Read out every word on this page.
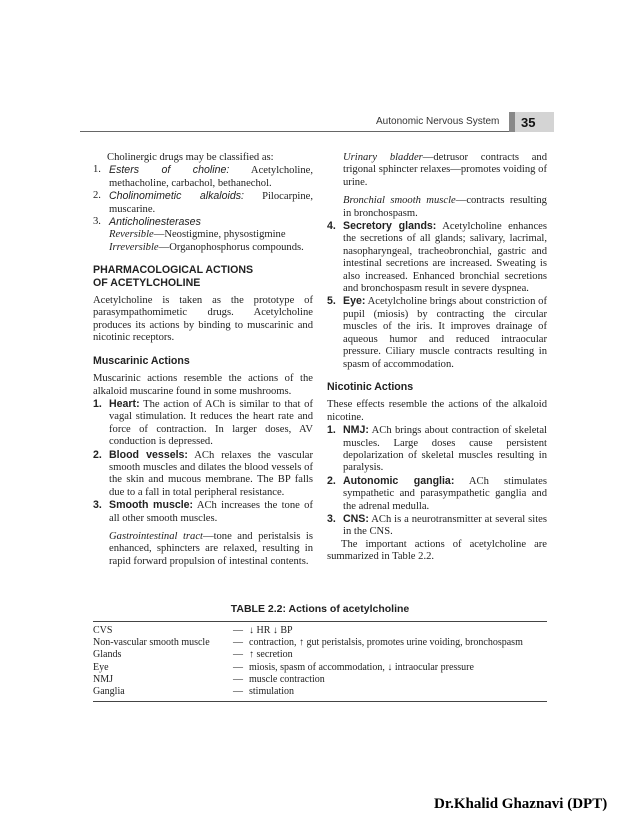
Autonomic Nervous System 35

Cholinergic drugs may be classified as:

1. Esters of choline: Acetylcholine, methacholine, carbachol, bethanechol.
2. Cholinomimetic alkaloids: Pilocarpine, muscarine.
3. Anticholinesterases

Reversible—Neostigmine, physostigmine

Irreversible—Organophosphorus compounds.

PHARMACOLOGICAL ACTIONS

OF ACETYLCHOLINE

Acetylcholine is taken as the prototype of parasympathomimetic drugs. Acetylcholine produces its actions by binding to muscarinic and nicotinic receptors.

Muscarinic Actions

Muscarinic actions resemble the actions of the alkaloid muscarine found in some mushrooms.

1. Heart: The action of ACh is similar to that of vagal stimulation. It reduces the heart rate and force of contraction. In larger doses, AV conduction is depressed.
2. Blood vessels: ACh relaxes the vascular smooth muscles and dilates the blood vessels of the skin and mucous membrane. The BP falls due to a fall in total peripheral resistance.
3. Smooth muscle: ACh increases the tone of all other smooth muscles.

Gastrointestinal tract—tone and peristalsis is enhanced, sphincters are relaxed, resulting in rapid forward propulsion of intestinal contents.

Urinary bladder—detrusor contracts and trigonal sphincter relaxes—promotes voiding of urine.

Bronchial smooth muscle—contracts resulting in bronchospasm.

4. Secretory glands: Acetylcholine enhances the secretions of all glands; salivary, lacrimal, nasopharyngeal, tracheobronchial, gastric and intestinal secretions are increased. Sweating is also increased. Enhanced bronchial secretions and bronchospasm result in severe dyspnea.
5. Eye: Acetylcholine brings about constriction of pupil (miosis) by contracting the circular muscles of the iris. It improves drainage of aqueous humor and reduced intraocular pressure. Ciliary muscle contracts resulting in spasm of accommodation.

Nicotinic Actions

These effects resemble the actions of the alkaloid nicotine.

1. NMJ: ACh brings about contraction of skeletal muscles. Large doses cause persistent depolarization of skeletal muscles resulting in paralysis.
2. Autonomic ganglia: ACh stimulates sympathetic and parasympathetic ganglia and the adrenal medulla.
3. CNS: ACh is a neurotransmitter at several sites in the CNS.

The important actions of acetylcholine are summarized in Table 2.2.

TABLE 2.2: Actions of acetylcholine
CVS	— ↓ HR ↓ BP
Non-vascular smooth muscle	— contraction, ↑ gut peristalsis, promotes urine voiding, bronchospasm
Glands	— ↑ secretion
Eye	— miosis, spasm of accommodation, ↓ intraocular pressure
NMJ	— muscle contraction
Ganglia	— stimulation
Dr.Khalid Ghaznavi (DPT)
